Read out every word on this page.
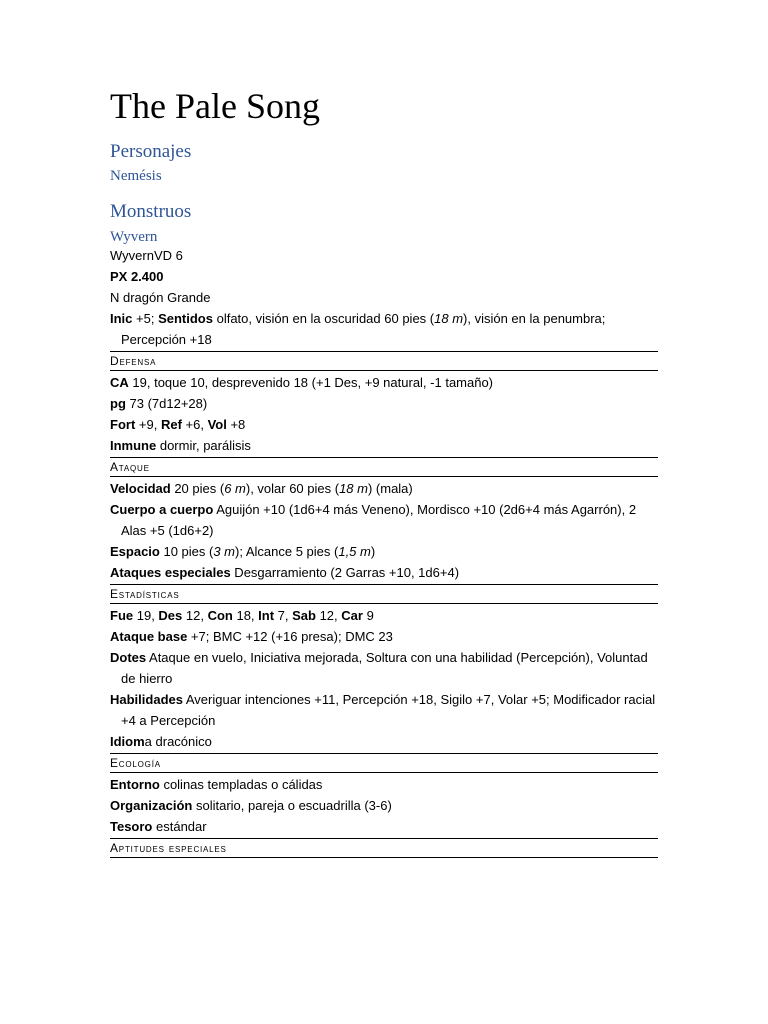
The Pale Song
Personajes
Nemésis
Monstruos
Wyvern
WyvernVD 6
PX 2.400
N dragón Grande
Inic +5; Sentidos olfato, visión en la oscuridad 60 pies (18 m), visión en la penumbra; Percepción +18
Defensa
CA 19, toque 10, desprevenido 18 (+1 Des, +9 natural, -1 tamaño)
pg 73 (7d12+28)
Fort +9, Ref +6, Vol +8
Inmune dormir, parálisis
Ataque
Velocidad 20 pies (6 m), volar 60 pies (18 m) (mala)
Cuerpo a cuerpo Aguijón +10 (1d6+4 más Veneno), Mordisco +10 (2d6+4 más Agarrón), 2 Alas +5 (1d6+2)
Espacio 10 pies (3 m); Alcance 5 pies (1,5 m)
Ataques especiales Desgarramiento (2 Garras +10, 1d6+4)
Estadísticas
Fue 19, Des 12, Con 18, Int 7, Sab 12, Car 9
Ataque base +7; BMC +12 (+16 presa); DMC 23
Dotes Ataque en vuelo, Iniciativa mejorada, Soltura con una habilidad (Percepción), Voluntad de hierro
Habilidades Averiguar intenciones +11, Percepción +18, Sigilo +7, Volar +5; Modificador racial +4 a Percepción
Idioma dracónico
Ecología
Entorno colinas templadas o cálidas
Organización solitario, pareja o escuadrilla (3-6)
Tesoro estándar
Aptitudes especiales
